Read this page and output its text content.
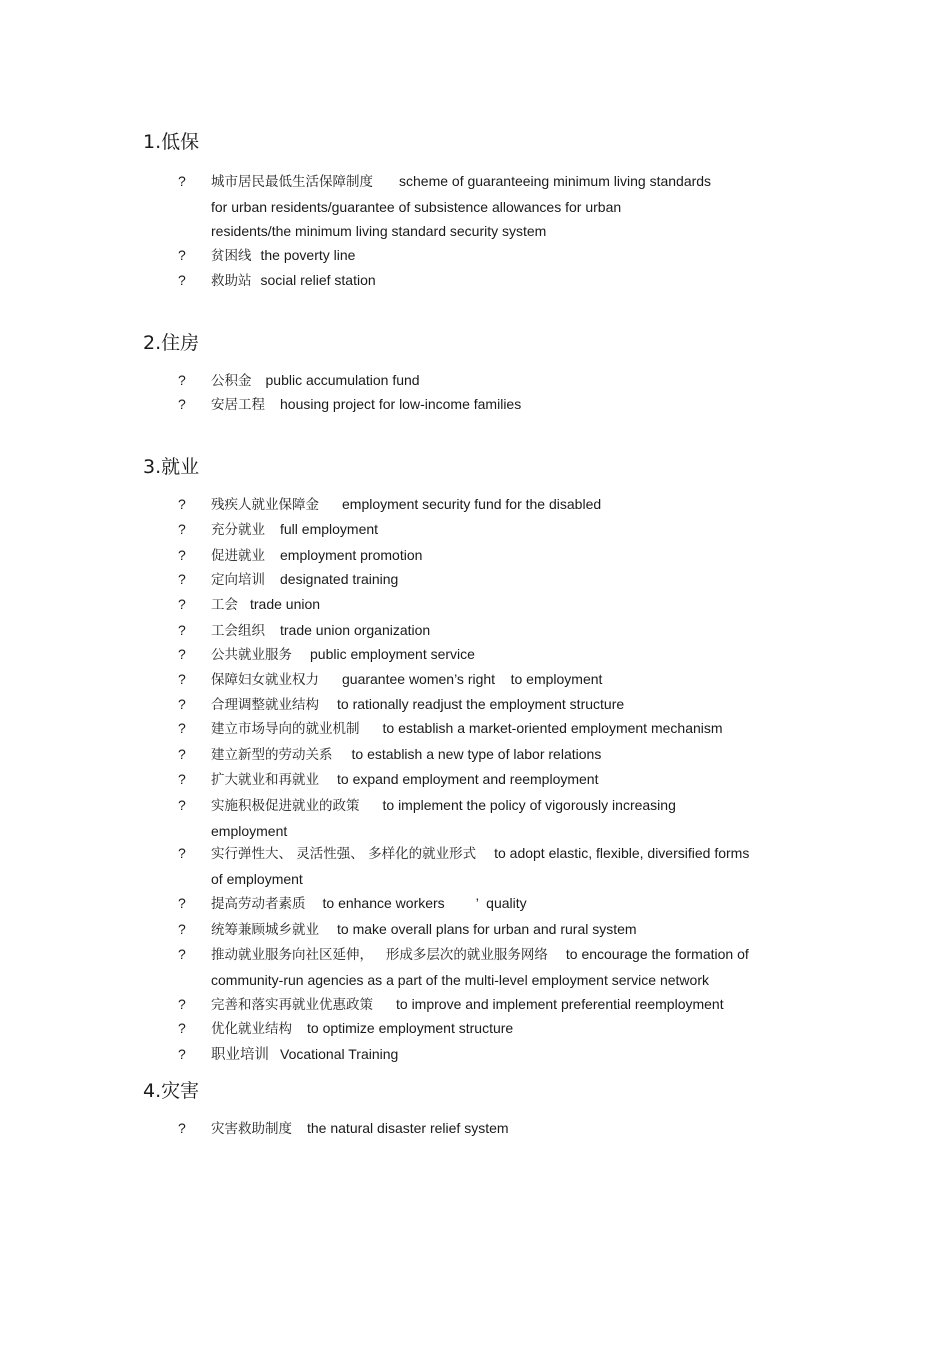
1.低保
?	城市居民最低生活保障制度 scheme of guaranteeing minimum living standards
for urban residents/guarantee of subsistence allowances for urban
residents/the minimum living standard security system
?	贫困线 the poverty line
?	救助站 social relief station
2.住房
?	公积金 public accumulation fund
?	安居工程 housing project for low-income families
3.就业
?	残疾人就业保障金 employment security fund for the disabled
?	充分就业 full employment
?	促进就业 employment promotion
?	定向培训 designated training
?	工会 trade union
?	工会组织 trade union organization
?	公共就业服务 public employment service
?	保障妇女就业权力 guarantee women’s right    to employment
?	合理调整就业结构 to rationally readjust the employment structure
?	建立市场导向的就业机制 to establish a market-oriented employment mechanism
?	建立新型的劳动关系 to establish a new type of labor relations
?	扩大就业和再就业 to expand employment and reemployment
?	实施积极促进就业的政策 to implement the policy of vigorously increasing
employment
?	实行弹性大、 灵活性强、 多样化的就业形式 to adopt elastic, flexible, diversified forms
of employment
?	提高劳动者素质 to enhance workers        ’  quality
?	统筹兼顾城乡就业 to make overall plans for urban and rural system
?	推动就业服务向社区延伸，   形成多层次的就业服务网络 to encourage the formation of
community-run agencies as a part of the multi-level employment service network
?	完善和落实再就业优惠政策 to improve and implement preferential reemployment
?	优化就业结构 to optimize employment structure
?	职业培训 Vocational Training
4.灾害
?	灾害救助制度 the natural disaster relief system
